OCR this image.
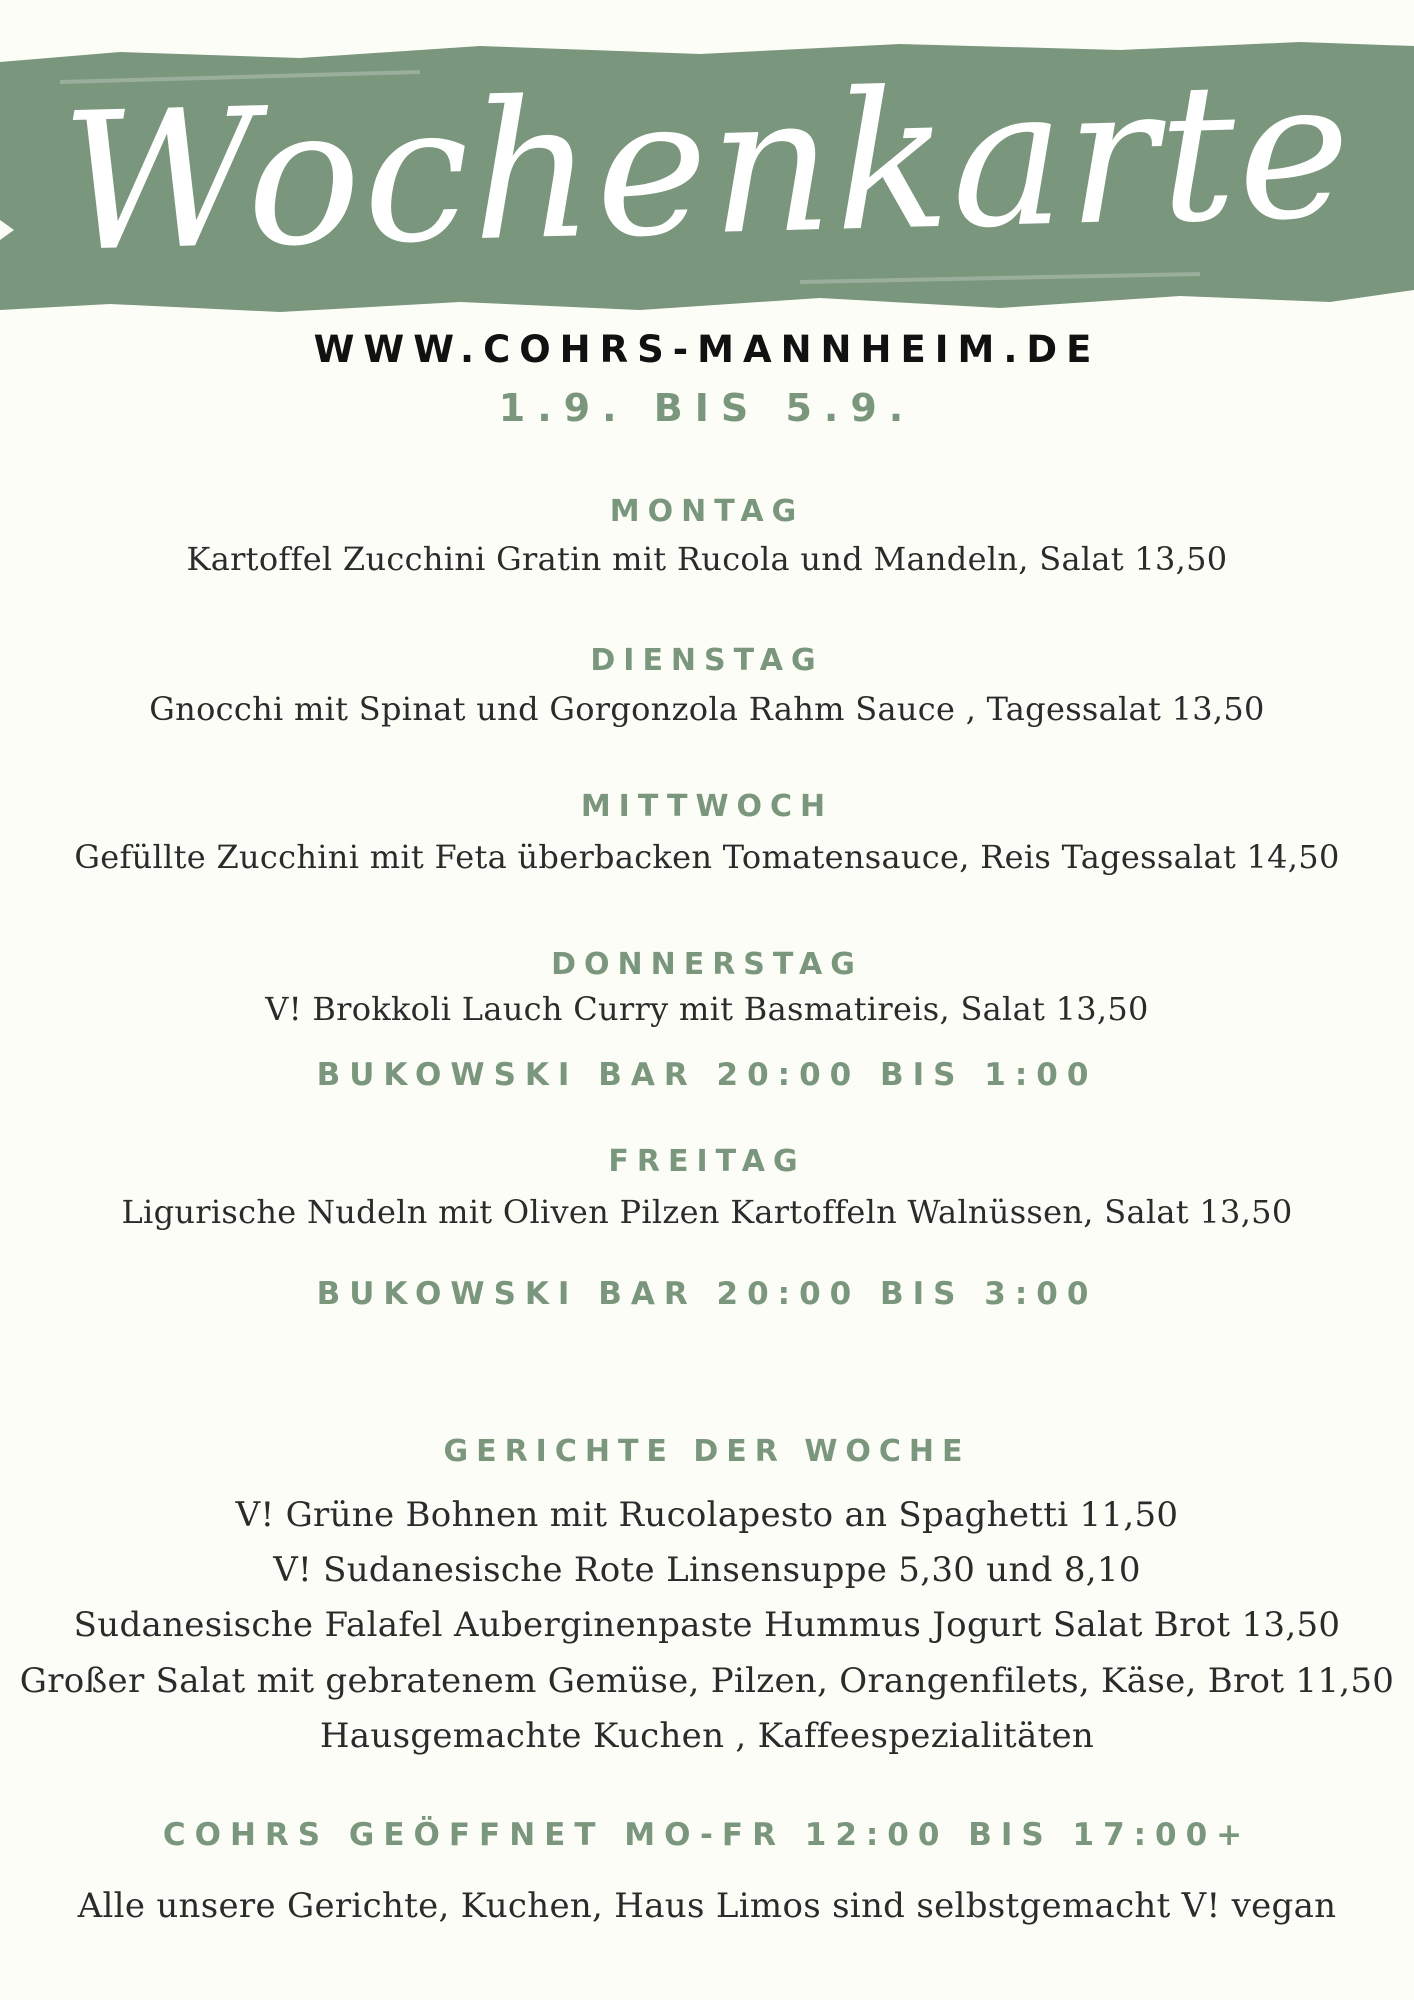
Wochenkarte
WWW.COHRS-MANNHEIM.DE
1.9. BIS 5.9.
MONTAG
Kartoffel Zucchini Gratin mit Rucola und Mandeln, Salat 13,50
DIENSTAG
Gnocchi mit Spinat und Gorgonzola Rahm Sauce , Tagessalat 13,50
MITTWOCH
Gefüllte Zucchini mit Feta überbacken Tomatensauce, Reis Tagessalat 14,50
DONNERSTAG
V! Brokkoli Lauch Curry mit Basmatireis, Salat 13,50
BUKOWSKI BAR 20:00 BIS 1:00
FREITAG
Ligurische Nudeln mit Oliven Pilzen Kartoffeln Walnüssen, Salat 13,50
BUKOWSKI BAR 20:00 BIS 3:00
GERICHTE DER WOCHE
V! Grüne Bohnen mit Rucolapesto an Spaghetti 11,50
V! Sudanesische Rote Linsensuppe 5,30 und 8,10
Sudanesische Falafel Auberginenpaste Hummus Jogurt Salat Brot 13,50
Großer Salat mit gebratenem Gemüse, Pilzen, Orangenfilets, Käse, Brot 11,50
Hausgemachte Kuchen , Kaffeespezialitäten
COHRS GEÖFFNET MO-FR 12:00 BIS 17:00+
Alle unsere Gerichte, Kuchen, Haus Limos sind selbstgemacht V! vegan
